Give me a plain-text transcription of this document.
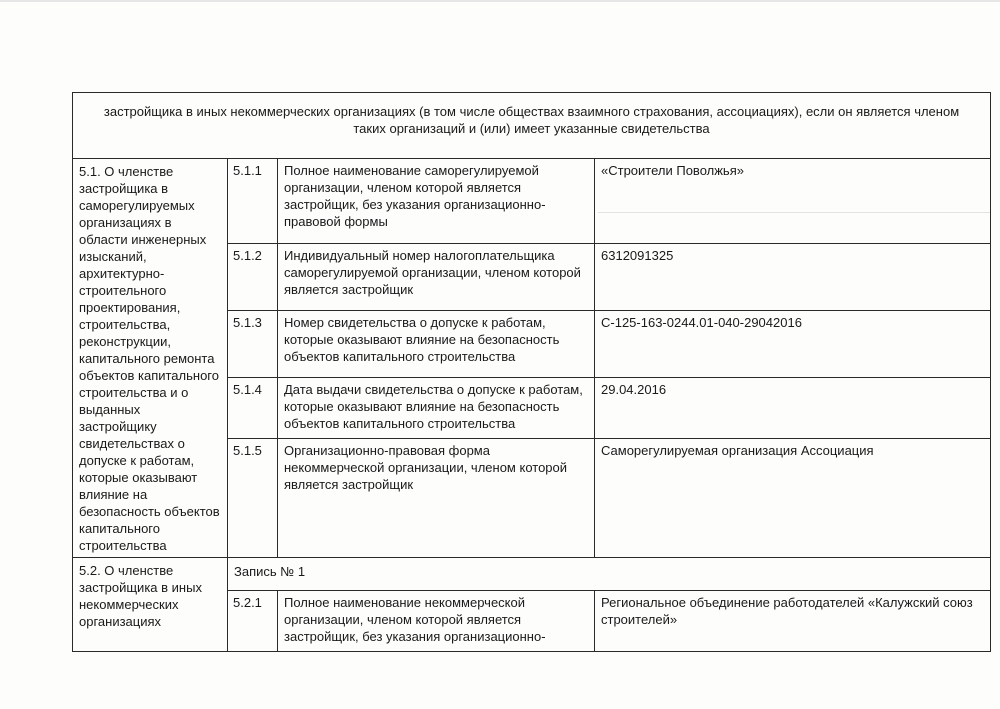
застройщика в иных некоммерческих организациях (в том числе обществах взаимного страхования, ассоциациях), если он является членом
таких организаций и (или) имеет указанные свидетельства			

5.1. О членстве застройщика в саморегулируемых организациях в области инженерных изысканий, архитектурно-строительного проектирования, строительства, реконструкции, капитального ремонта объектов капитального строительства и о выданных застройщику свидетельствах о допуске к работам, которые оказывают влияние на безопасность объектов капитального строительства	5.1.1	Полное наименование саморегулируемой организации, членом которой является застройщик, без указания организационно-правовой формы	«Строители Поволжья»
	5.1.2	Индивидуальный номер налогоплательщика саморегулируемой организации, членом которой является застройщик	6312091325
	5.1.3	Номер свидетельства о допуске к работам, которые оказывают влияние на безопасность объектов капитального строительства	С-125-163-0244.01-040-29042016
	5.1.4	Дата выдачи свидетельства о допуске к работам, которые оказывают влияние на безопасность объектов капитального строительства	29.04.2016
	5.1.5	Организационно-правовая форма некоммерческой организации, членом которой является застройщик	Саморегулируемая организация Ассоциация
5.2. О членстве застройщика в иных некоммерческих организациях	Запись № 1		
	5.2.1	Полное наименование некоммерческой организации, членом которой является застройщик, без указания организационно-	Региональное объединение работодателей «Калужский союз строителей»
